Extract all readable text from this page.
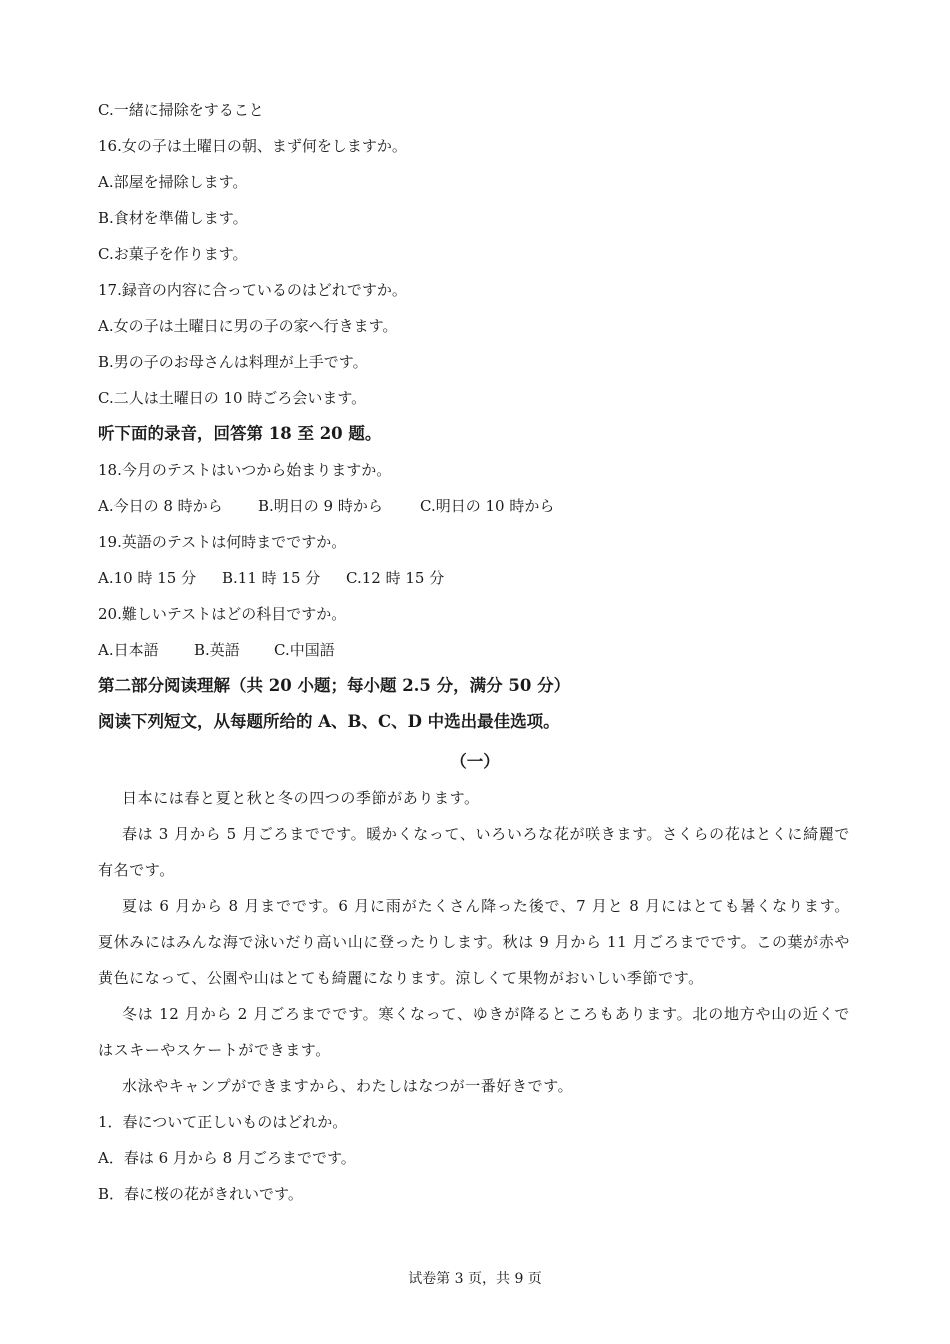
C.一緒に掃除をすること
16.女の子は土曜日の朝、まず何をしますか。
A.部屋を掃除します。
B.食材を準備します。
C.お菓子を作ります。
17.録音の内容に合っているのはどれですか。
A.女の子は土曜日に男の子の家へ行きます。
B.男の子のお母さんは料理が上手です。
C.二人は土曜日の 10 時ごろ会います。
听下面的录音，回答第 18 至 20 题。
18.今月のテストはいつから始まりますか。
A.今日の 8 時から B.明日の 9 時から C.明日の 10 時から
19.英語のテストは何時までですか。
A.10 時 15 分 B.11 時 15 分 C.12 時 15 分
20.難しいテストはどの科目ですか。
A.日本語 B.英語 C.中国語
第二部分阅读理解（共 20 小题；每小题 2.5 分，满分 50 分）
阅读下列短文，从每题所给的 A、B、C、D 中选出最佳选项。
（一）
日本には春と夏と秋と冬の四つの季節があります。
春は 3 月から 5 月ごろまでです。暖かくなって、いろいろな花が咲きます。さくらの花はとくに綺麗で有名です。
夏は 6 月から 8 月までです。6 月に雨がたくさん降った後で、7 月と 8 月にはとても暑くなります。夏休みにはみんな海で泳いだり高い山に登ったりします。秋は 9 月から 11 月ごろまでです。この葉が赤や黄色になって、公園や山はとても綺麗になります。涼しくて果物がおいしい季節です。
冬は 12 月から 2 月ごろまでです。寒くなって、ゆきが降るところもあります。北の地方や山の近くではスキーやスケートができます。
水泳やキャンプができますから、わたしはなつが一番好きです。
1．春について正しいものはどれか。
A．春は 6 月から 8 月ごろまでです。
B．春に桜の花がきれいです。
试卷第 3 页，共 9 页
